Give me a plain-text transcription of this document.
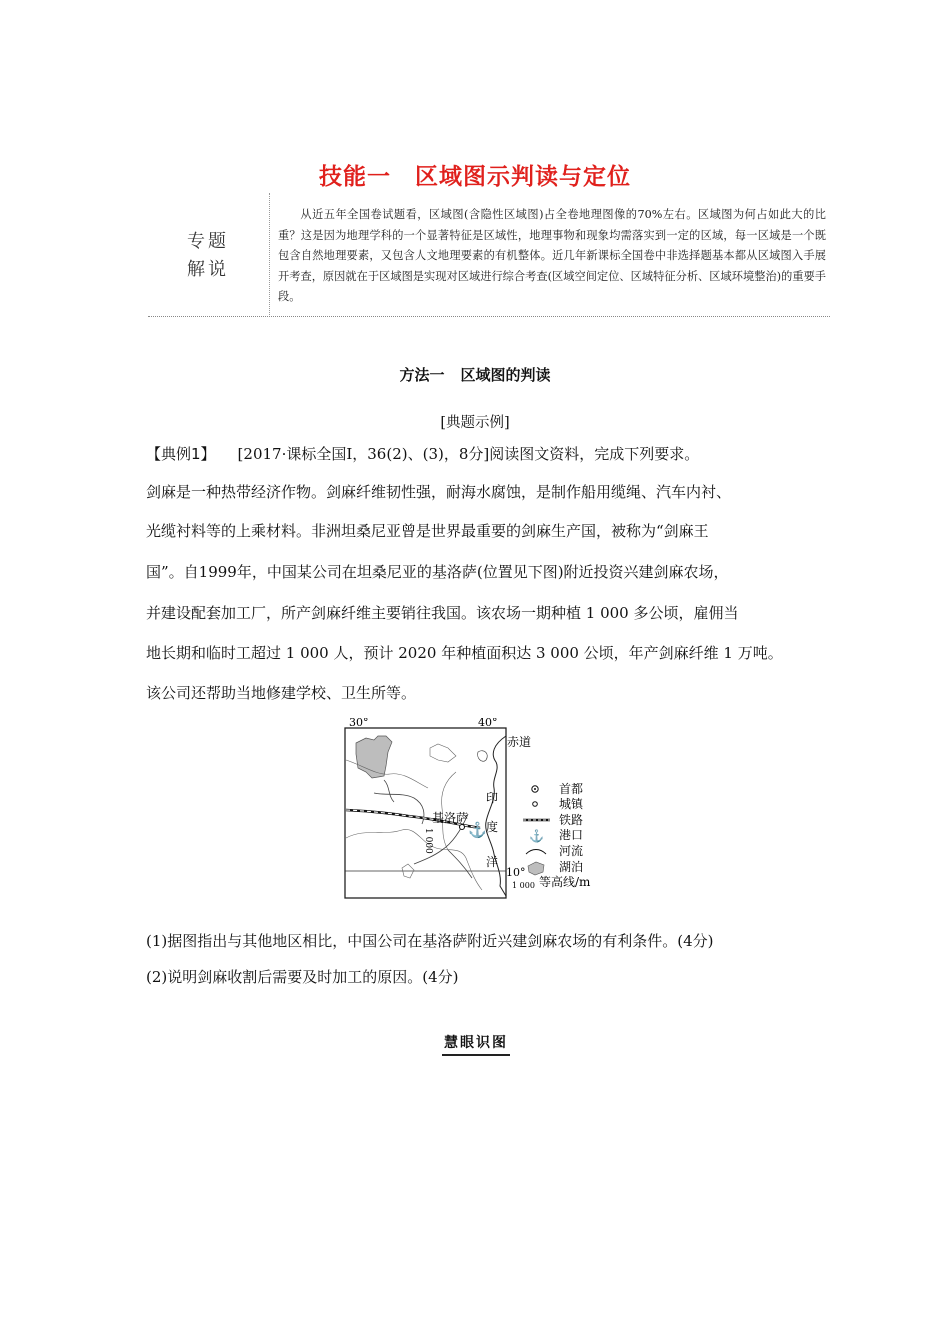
技能一 区域图示判读与定位
专题
解说
从近五年全国卷试题看，区域图(含隐性区域图)占全卷地理图像的70%左右。区域图为何占如此大的比重？这是因为地理学科的一个显著特征是区域性，地理事物和现象均需落实到一定的区域，每一区域是一个既包含自然地理要素，又包含人文地理要素的有机整体。近几年新课标全国卷中非选择题基本都从区域图入手展开考查，原因就在于区域图是实现对区域进行综合考查(区域空间定位、区域特征分析、区域环境整治)的重要手段。
方法一 区域图的判读
[典题示例]
【典例1】 [2017·课标全国Ⅰ，36(2)、(3)，8分]阅读图文资料，完成下列要求。
剑麻是一种热带经济作物。剑麻纤维韧性强，耐海水腐蚀，是制作船用缆绳、汽车内衬、
光缆衬料等的上乘材料。非洲坦桑尼亚曾是世界最重要的剑麻生产国，被称为“剑麻王
国”。自1999年，中国某公司在坦桑尼亚的基洛萨(位置见下图)附近投资兴建剑麻农场，
并建设配套加工厂，所产剑麻纤维主要销往我国。该农场一期种植 1 000 多公顷，雇佣当
地长期和临时工超过 1 000 人，预计 2020 年种植面积达 3 000 公顷，年产剑麻纤维 1 万吨。
该公司还帮助当地修建学校、卫生所等。
⚓
基洛萨
1 000
30°	40°
赤道
印
度
洋
10°
首都
城镇
铁路
⚓ 港口
河流
湖泊
1 000 等高线/m
(1)据图指出与其他地区相比，中国公司在基洛萨附近兴建剑麻农场的有利条件。(4分)
(2)说明剑麻收割后需要及时加工的原因。(4分)
慧眼识图
